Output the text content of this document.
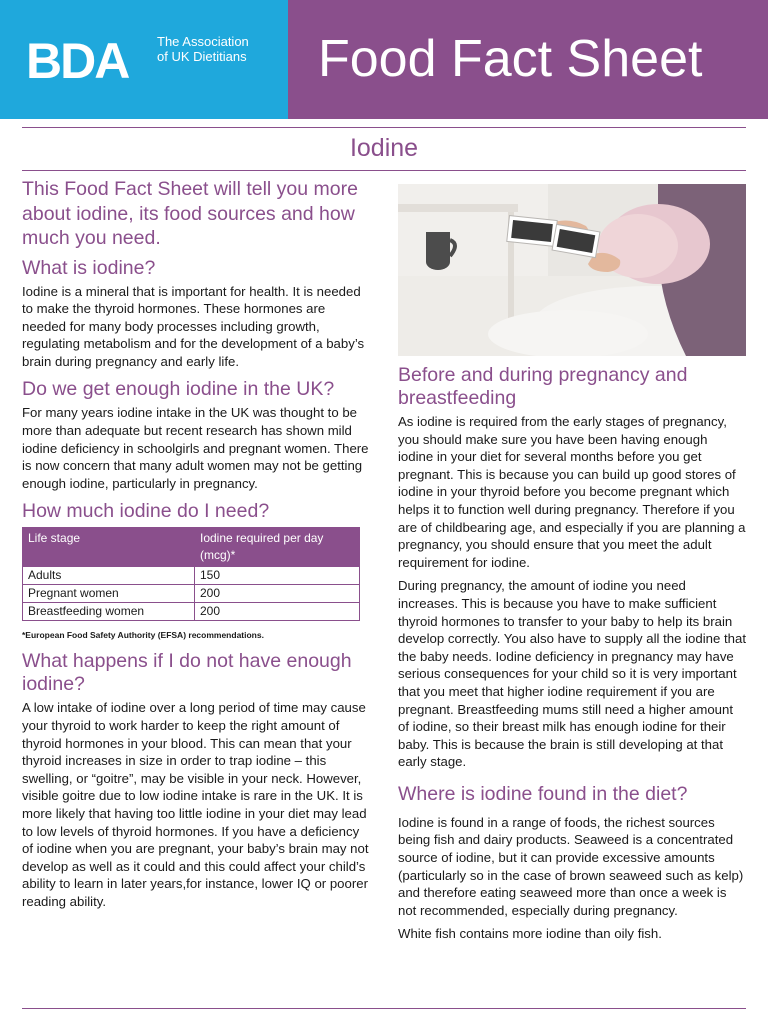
BDA The Association
of UK Dietitians Food Fact Sheet
Iodine
This Food Fact Sheet will tell you more about iodine, its food sources and how much you need.
What is iodine?

Iodine is a mineral that is important for health. It is needed to make the thyroid hormones. These hormones are needed for many body processes including growth, regulating metabolism and for the development of a baby’s brain during pregnancy and early life.

Do we get enough iodine in the UK?

For many years iodine intake in the UK was thought to be more than adequate but recent research has shown mild iodine deficiency in schoolgirls and pregnant women. There is now concern that many adult women may not be getting enough iodine, particularly in pregnancy.

How much iodine do I need?
Life stage	Iodine required per day (mcg)*
Adults	150
Pregnant women	200
Breastfeeding women	200
*European Food Safety Authority (EFSA) recommendations.
What happens if I do not have enough iodine?

A low intake of iodine over a long period of time may cause your thyroid to work harder to keep the right amount of thyroid hormones in your blood. This can mean that your thyroid increases in size in order to trap iodine – this swelling, or “goitre”, may be visible in your neck. However, visible goitre due to low iodine intake is rare in the UK. It is more likely that having too little iodine in your diet may lead to low levels of thyroid hormones. If you have a deficiency of iodine when you are pregnant, your baby’s brain may not develop as well as it could and this could affect your child’s ability to learn in later years,for instance, lower IQ or poorer reading ability.

Before and during pregnancy and breastfeeding

As iodine is required from the early stages of pregnancy, you should make sure you have been having enough iodine in your diet for several months before you get pregnant. This is because you can build up good stores of iodine in your thyroid before you become pregnant which helps it to function well during pregnancy. Therefore if you are of childbearing age, and especially if you are planning a pregnancy, you should ensure that you meet the adult requirement for iodine.

During pregnancy, the amount of iodine you need increases. This is because you have to make sufficient thyroid hormones to transfer to your baby to help its brain develop correctly. You also have to supply all the iodine that the baby needs. Iodine deficiency in pregnancy may have serious consequences for your child so it is very important that you meet that higher iodine requirement if you are pregnant. Breastfeeding mums still need a higher amount of iodine, so their breast milk has enough iodine for their baby. This is because the brain is still developing at that early stage.

Where is iodine found in the diet?

Iodine is found in a range of foods, the richest sources being fish and dairy products. Seaweed is a concentrated source of iodine, but it can provide excessive amounts (particularly so in the case of brown seaweed such as kelp) and therefore eating seaweed more than once a week is not recommended, especially during pregnancy.

White fish contains more iodine than oily fish.
